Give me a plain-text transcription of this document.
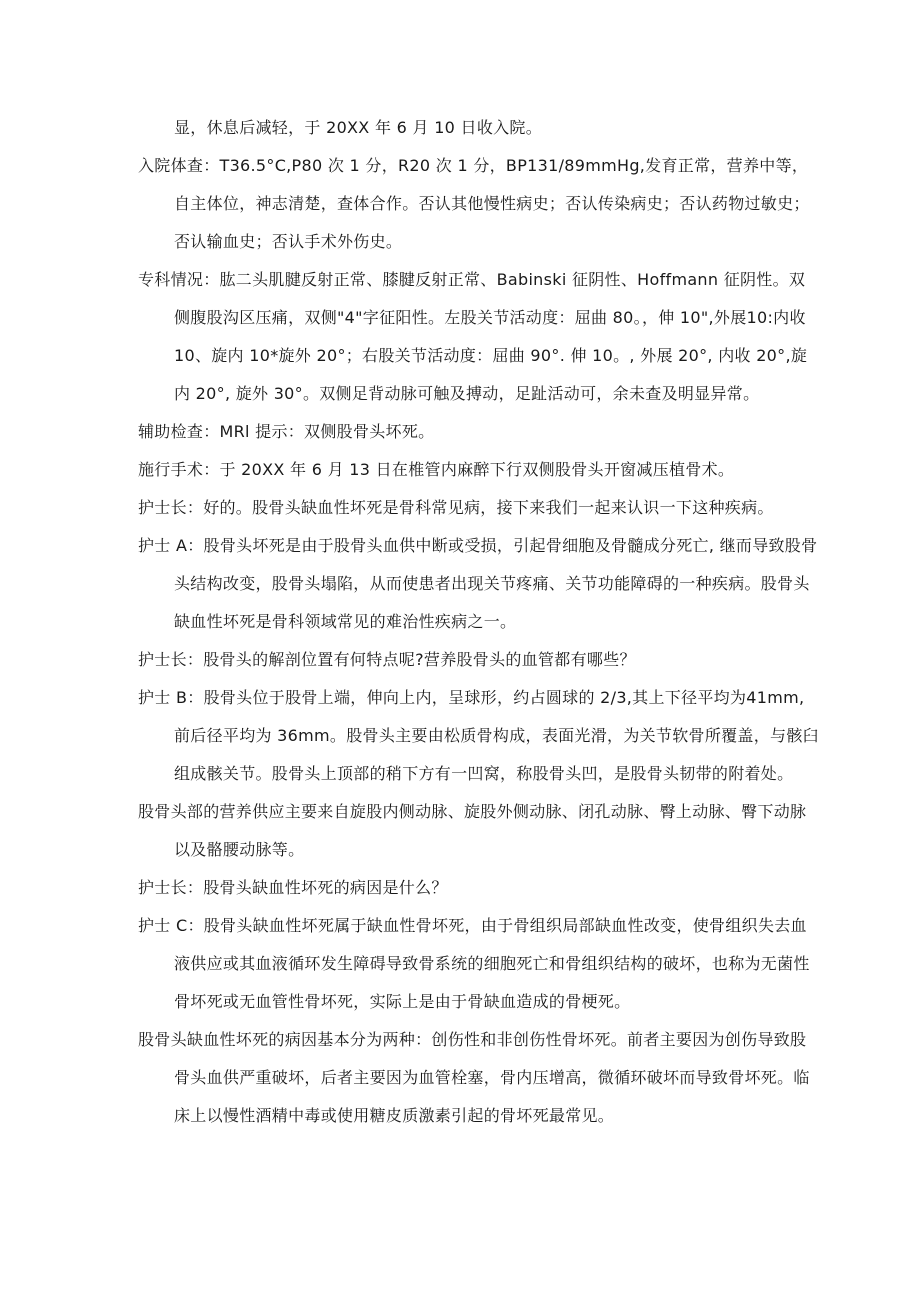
显，休息后减轻，于 20XX 年 6 月 10 日收入院。

入院体查：T36.5°C,P80 次 1 分，R20 次 1 分，BP131∕89mmHg,发育正常，营养中等，自主体位，神志清楚，查体合作。否认其他慢性病史；否认传染病史；否认药物过敏史；否认输血史；否认手术外伤史。

专科情况：肱二头肌腱反射正常、膝腱反射正常、Babinski 征阴性、Hoffmann 征阴性。双侧腹股沟区压痛，双侧"4"字征阳性。左股关节活动度：屈曲 80。，伸 10",外展10:内收 10、旋内 10*旋外 20°；右股关节活动度：屈曲 90°. 伸 10。, 外展 20°, 内收 20°,旋内 20°, 旋外 30°。双侧足背动脉可触及搏动，足趾活动可，余未查及明显异常。

辅助检查：MRl 提示：双侧股骨头坏死。

施行手术：于 20XX 年 6 月 13 日在椎管内麻醉下行双侧股骨头开窗减压植骨术。

护士长：好的。股骨头缺血性坏死是骨科常见病，接下来我们一起来认识一下这种疾病。

护士 A：股骨头坏死是由于股骨头血供中断或受损，引起骨细胞及骨髓成分死亡, 继而导致股骨头结构改变，股骨头塌陷，从而使患者出现关节疼痛、关节功能障碍的一种疾病。股骨头缺血性坏死是骨科领域常见的难治性疾病之一。

护士长：股骨头的解剖位置有何特点呢?营养股骨头的血管都有哪些？

护士 B：股骨头位于股骨上端，伸向上内，呈球形，约占圆球的 2/3,其上下径平均为41mm,前后径平均为 36mm。股骨头主要由松质骨构成，表面光滑，为关节软骨所覆盖，与骸臼组成骸关节。股骨头上顶部的稍下方有一凹窝，称股骨头凹，是股骨头韧带的附着处。

股骨头部的营养供应主要来自旋股内侧动脉、旋股外侧动脉、闭孔动脉、臀上动脉、臀下动脉以及骼腰动脉等。

护士长：股骨头缺血性坏死的病因是什么？

护士 C：股骨头缺血性坏死属于缺血性骨坏死，由于骨组织局部缺血性改变，使骨组织失去血液供应或其血液循环发生障碍导致骨系统的细胞死亡和骨组织结构的破坏，也称为无菌性骨坏死或无血管性骨坏死，实际上是由于骨缺血造成的骨梗死。

股骨头缺血性坏死的病因基本分为两种：创伤性和非创伤性骨坏死。前者主要因为创伤导致股骨头血供严重破坏，后者主要因为血管栓塞，骨内压增高，微循环破坏而导致骨坏死。临床上以慢性酒精中毒或使用糖皮质激素引起的骨坏死最常见。
